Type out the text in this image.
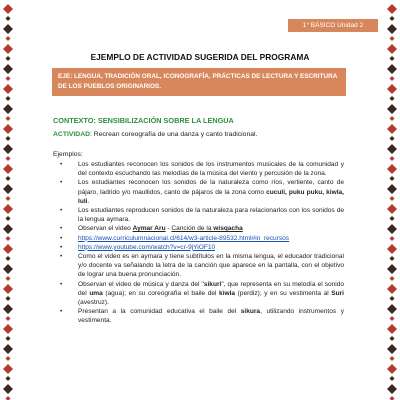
1° BÁSICO Unidad 2
EJEMPLO DE ACTIVIDAD SUGERIDA DEL PROGRAMA
EJE: LENGUA, TRADICIÓN ORAL, ICONOGRAFÍA, PRÁCTICAS DE LECTURA Y ESCRITURA DE LOS PUEBLOS ORIGINARIOS.
CONTEXTO: SENSIBILIZACIÓN SOBRE LA LENGUA
ACTIVIDAD: Recrean coreografía de una danza y canto tradicional.
Ejemplos:
• Los estudiantes reconocen los sonidos de los instrumentos musicales de la comunidad y del contexto escuchando las melodías de la música del viento y percusión de la zona.
• Los estudiantes reconocen los sonidos de la naturaleza como ríos, vertiente, canto de pájaro, ladrido y/o maullidos, canto de pájaros de la zona como cuculi, puku puku, kiwla, luli.
• Los estudiantes reproducen sonidos de la naturaleza para relacionarlos con los sonidos de la lengua aymara.
• Observan el video Aymar Aru - Canción de la wisqacha
• https://www.curriculumnacional.cl/614/w3-article-89532.html#in_recursos
• https://www.youtube.com/watch?v=cr-9jYiOF10
• Como el video es en aymara y tiene subtítulos en la misma lengua, el educador tradicional y/o docente va señalando la letra de la canción que aparece en la pantalla, con el objetivo de lograr una buena pronunciación.
• Observan el video de música y danza del "sikuri", que representa en su melodía el sonido del uma (agua); en su coreografía el baile del kiwla (perdiz); y en su vestimenta al Suri (avestruz).
• Presentan a la comunidad educativa el baile del sikura, utilizando instrumentos y vestimenta.
